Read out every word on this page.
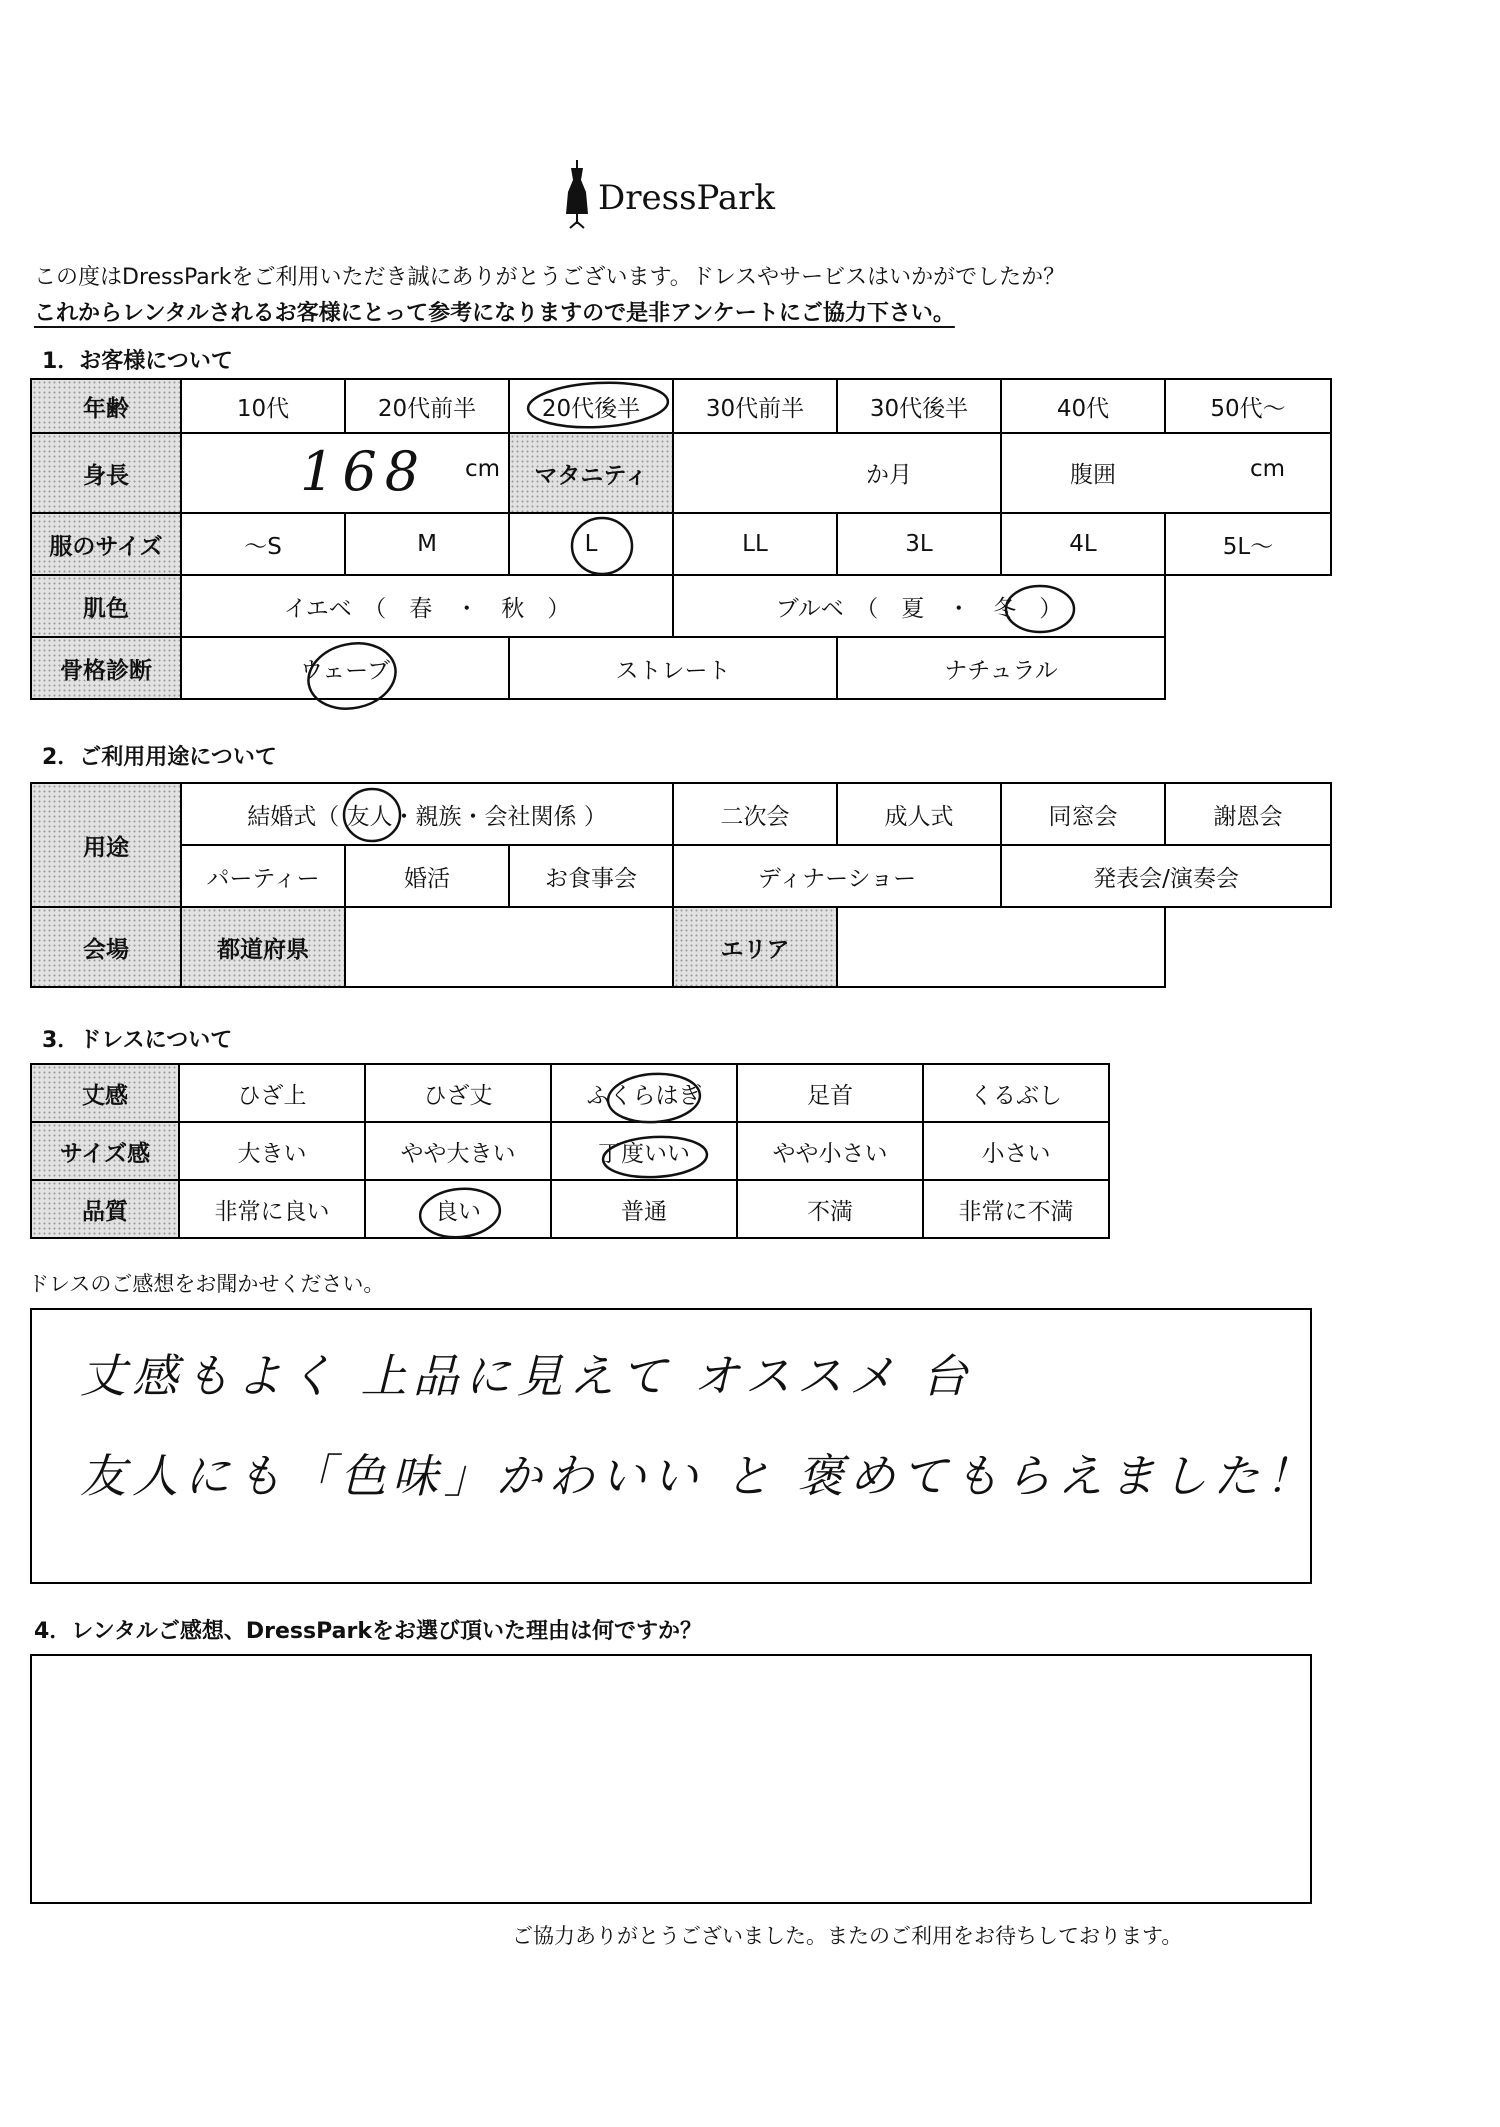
DressPark
この度はDressParkをご利用いただき誠にありがとうございます。ドレスやサービスはいかがでしたか？
これからレンタルされるお客様にとって参考になりますので是非アンケートにご協力下さい。
1．お客様について
年齢	10代	20代前半	20代後半	30代前半	30代後半	40代	50代〜
身長	168 cm		マタニティ	か月		腹囲 cm	

服のサイズ	〜S	M	L	LL	3L	4L	5L〜
肌色	イエベ　（　春　・　秋　）			ブルベ　（　夏　・　冬　）			
骨格診断	ウェーブ		ストレート		ナチュラル		
2．ご利用用途について
用途	結婚式（ 友人・親族・会社関係 ）			二次会	成人式	同窓会	謝恩会
	パーティー	婚活	お食事会	ディナーショー		発表会/演奏会	
会場	都道府県			エリア			
3．ドレスについて
丈感	ひざ上	ひざ丈	ふくらはぎ	足首	くるぶし
サイズ感	大きい	やや大きい	丁度いい	やや小さい	小さい
品質	非常に良い	良い	普通	不満	非常に不満
ドレスのご感想をお聞かせください。
丈感もよく 上品に見えて オススメ 台
友人にも「色味」かわいい と 褒めてもらえました！
4．レンタルご感想、DressParkをお選び頂いた理由は何ですか？
ご協力ありがとうございました。またのご利用をお待ちしております。
